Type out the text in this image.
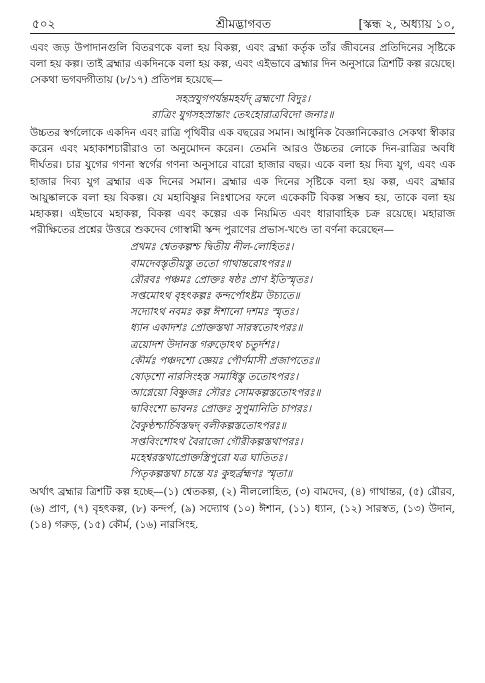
৫০২	শ্রীমদ্ভাগবত	[স্কন্ধ ২, অধ্যায় ১০,

এবং জড় উপাদানগুলি বিতরণকে বলা হয় বিকল্প, এবং ব্রহ্মা কর্তৃক তাঁর জীবনের প্রতিদিনের সৃষ্টিকে বলা হয় কল্প। তাই ব্রহ্মার একদিনকে বলা হয় কল্প, এবং এইভাবে ব্রহ্মার দিন অনুসারে ত্রিশটি কল্প রয়েছে। সেকথা ভগবদ্গীতায় (৮/১৭) প্রতিপন্ন হয়েছে—

সহস্রযুগপর্যন্তমহর্যদ্ ব্রহ্মণো বিদুঃ।

রাত্রিং যুগসহস্রান্তাং তেঽহোরাত্রবিদো জনাঃ॥

উচ্চতর স্বর্গলোকে একদিন এবং রাত্রি পৃথিবীর এক বছরের সমান। আধুনিক বৈজ্ঞানিকেরাও সেকথা স্বীকার করেন এবং মহাকাশচারীরাও তা অনুমোদন করেন। তেমনি আরও উচ্চতর লোকে দিন-রাত্রির অবধি দীর্ঘতর। চার যুগের গণনা স্বর্গের গণনা অনুসারে বারো হাজার বছর। একে বলা হয় দিব্য যুগ, এবং এক হাজার দিব্য যুগ ব্রহ্মার এক দিনের সমান। ব্রহ্মার এক দিনের সৃষ্টিকে বলা হয় কল্প, এবং ব্রহ্মার আয়ুষ্কালকে বলা হয় বিকল্প। যে মহাবিষ্ণুর নিঃশ্বাসের ফলে একেকটি বিকল্প সম্ভব হয়, তাকে বলা হয় মহাকল্প। এইভাবে মহাকল্প, বিকল্প এবং কল্পের এক নিয়মিত এবং ধারাবাহিক চক্র রয়েছে। মহারাজ পরীক্ষিতের প্রশ্নের উত্তরে শুকদেব গোস্বামী স্কন্দ পুরাণের প্রভাস-খণ্ডে তা বর্ণনা করেছেন—

প্রথমঃ শ্বেতকল্পশ্চ দ্বিতীয় নীল-লোহিতঃ।
বামদেবস্তৃতীয়স্তু ততো গাথান্তরোঽপরঃ॥
রৌরবঃ পঞ্চমঃ প্রোক্তঃ ষষ্ঠঃ প্রাণ ইতিস্মৃতঃ।
সপ্তমোঽথ বৃহৎকল্পঃ কন্দর্পোঽষ্টম উচ্যতে॥
সদ্যোঽথ নবমঃ কল্প ঈশানো দশমঃ স্মৃতঃ।
ধ্যান একাদশঃ প্রোক্তস্তথা সারস্বতোঽপরঃ॥
ত্রয়োদশ উদানস্ত গরুড়োঽথ চতুর্দশঃ।
কৌর্মঃ পঞ্চদশো জ্ঞেয়ঃ পৌর্ণমাসী প্রজাপতেঃ॥
ষোড়শো নারসিংহস্ত সমাধিস্তু ততোঽপরঃ।
আগ্নেয়ো বিষ্ণুজঃ সৌরঃ সোমকল্পস্ততোঽপরঃ॥
দ্বাবিংশো ভাবনঃ প্রোক্তঃ সুপুমানিতি চাপরঃ।
বৈকুণ্ঠশ্চার্চিষস্তদ্বদ্ বলীকল্পস্ততোঽপরঃ॥
সপ্তবিংশোঽথ বৈরাজো গৌরীকল্পস্তথাপরঃ।
মহেশ্বরস্তথাপ্রোক্তস্ত্রিপুরো যত্র ঘাতিতঃ।
পিতৃকল্পস্তথা চান্তে যঃ কুহুর্ব্রহ্মণঃ স্মৃতা॥

অর্থাৎ ব্রহ্মার ত্রিশটি কল্প হচ্ছে—(১) শ্বেতকল্প, (২) নীললোহিত, (৩) বামদেব, (৪) গাথান্তর, (৫) রৌরব, (৬) প্রাণ, (৭) বৃহৎকল্প, (৮) কন্দর্প, (৯) সদ্যোথ (১০) ঈশান, (১১) ধ্যান, (১২) সারস্বত, (১৩) উদান, (১৪) গরুড়, (১৫) কৌর্ম, (১৬) নারসিংহ.
